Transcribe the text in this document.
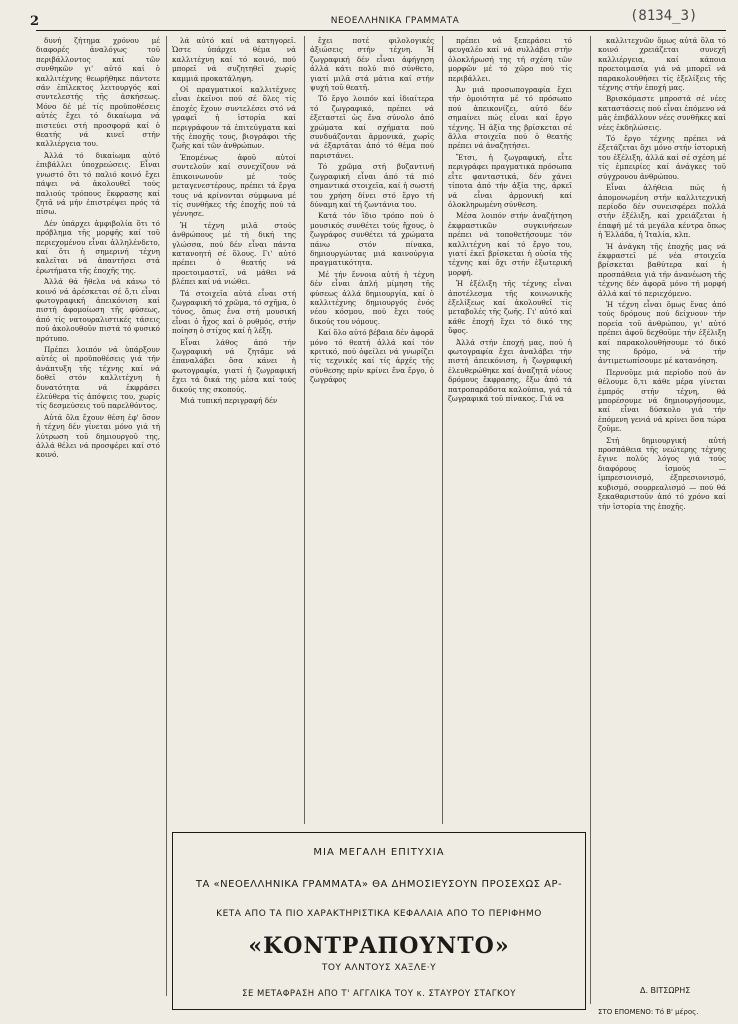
2	ΝΕΟΕΛΛΗΝΙΚΑ ΓΡΑΜΜΑΤΑ	(8134_3)

δυνή ζήτημα χρόνου μέ διαφορές ἀναλόγως τοῦ περιβάλλοντος καί τῶν συνθηκῶν γι' αὐτό καί ὁ καλλιτέχνης θεωρήθηκε πάντοτε σάν ἐπίλεκτος λειτουργός καί συντελεστής τῆς ἀσκήσεως. Μόνο δέ μέ τίς προϋποθέσεις αὐτές ἔχει τό δικαίωμα νά πιστεύει στή προσφορά καί ὁ θεατής νά κινεῖ στήν καλλιέργεια του.

Ἀλλά τό δικαίωμα αὐτό ἐπιβάλλει ὑποχρεώσεις. Εἶναι γνωστό ὅτι τό παλιό κοινό ἔχει πάψει νά ἀκολουθεῖ τούς παλιούς τρόπους ἔκφρασης καί ζητᾶ νά μήν ἐπιστρέψει πρός τά πίσω.

Δέν ὑπάρχει ἀμφιβολία ὅτι τό πρόβλημα τῆς μορφῆς καί τοῦ περιεχομένου εἶναι ἀλληλένδετο, καί ὅτι ἡ σημερινή τέχνη καλεῖται νά ἀπαντήσει στά ἐρωτήματα τῆς ἐποχῆς της.

Ἀλλά θά ἤθελα νά κάνω τό κοινό νά ἀρέσκεται σέ ὅ,τι εἶναι φωτογραφική ἀπεικόνιση καί πιστή ἀφομοίωση τῆς φύσεως, ἀπό τίς νατουραλιστικές τάσεις πού ἀκολουθοῦν πιστά τό φυσικό πρότυπο.

Πρέπει λοιπόν νά ὑπάρξουν αὐτές οἱ προϋποθέσεις γιά τήν ἀνάπτυξη τῆς τέχνης καί νά δοθεῖ στόν καλλιτέχνη ἡ δυνατότητα νά ἐκφράσει ἐλεύθερα τίς ἀπόψεις του, χωρίς τίς δεσμεύσεις τοῦ παρελθόντος.

Αὐτά ὅλα ἔχουν θέση ἐφ' ὅσον ἡ τέχνη δέν γίνεται μόνο γιά τή λύτρωση τοῦ δημιουργοῦ της, ἀλλά θέλει νά προσφέρει καί στό κοινό.

λά αὐτό καί νά κατηγορεῖ. Ὡστε ὑπάρχει θέμα νά καλλιτέχνη καί τό κοινό, πού μπορεῖ νά συζητηθεῖ χωρίς καμμιά προκατάληψη.

Οἱ πραγματικοί καλλιτέχνες εἶναι ἐκεῖνοι πού σέ ὅλες τίς ἐποχές ἔχουν συντελέσει στό νά γραφεῖ ἡ ἱστορία καί περιγράφουν τά ἐπιτεύγματα καί τῆς ἐποχῆς τους, βιογράφοι τῆς ζωῆς καί τῶν ἀνθρώπων.

Ἐπομένως ἀφοῦ αὐτοί συντελοῦν καί συνεχίζουν νά ἐπικοινωνοῦν μέ τούς μεταγενεστέρους, πρέπει τά ἔργα τους νά κρίνονται σύμφωνα μέ τίς συνθῆκες τῆς ἐποχῆς πού τά γέννησε.

Ἡ τέχνη μιλᾶ στούς ἀνθρώπους μέ τή δική της γλώσσα, πού δέν εἶναι πάντα κατανοητή σέ ὅλους. Γι' αὐτό πρέπει ὁ θεατής νά προετοιμαστεῖ, νά μάθει νά βλέπει καί νά νιώθει.

Τά στοιχεῖα αὐτά εἶναι στή ζωγραφική τό χρῶμα, τό σχῆμα, ὁ τόνος, ὅπως ἔνα στή μουσική εἶναι ὁ ἦχος καί ὁ ρυθμός, στήν ποίηση ὁ στίχος καί ἡ λέξη.

Εἶναι λάθος ἀπό τήν ζωγραφική νά ζητᾶμε νά ἐπαναλάβει ὅσα κάνει ἡ φωτογραφία, γιατί ἡ ζωγραφική ἔχει τά δικά της μέσα καί τούς δικούς της σκοπούς.

Μιά τυπική περιγραφή δέν

ἔχει ποτέ φιλολογικές ἀξιώσεις στήν τέχνη. Ἡ ζωγραφική δέν εἶναι ἀφήγηση ἀλλά κάτι πολύ πιό σύνθετο, γιατί μιλᾶ στά μάτια καί στήν ψυχή τοῦ θεατῆ.

Τό ἔργο λοιπόν καί ἰδιαίτερα τό ζωγραφικό, πρέπει νά ἐξεταστεῖ ὡς ἕνα σύνολο ἀπό χρώματα καί σχήματα πού συνδυάζονται ἁρμονικά, χωρίς νά ἐξαρτᾶται ἀπό τό θέμα πού παριστάνει.

Τό χρῶμα στή βυζαντινή ζωγραφική εἶναι ἀπό τά πιό σημαντικά στοιχεῖα, καί ἡ σωστή του χρήση δίνει στό ἔργο τή δύναμη καί τή ζωντάνια του.

Κατά τόν ἴδιο τρόπο πού ὁ μουσικός συνθέτει τούς ἤχους, ὁ ζωγράφος συνθέτει τά χρώματα πάνω στόν πίνακα, δημιουργώντας μιά καινούργια πραγματικότητα.

Μέ τήν ἔννοια αὐτή ἡ τέχνη δέν εἶναι ἁπλή μίμηση τῆς φύσεως ἀλλά δημιουργία, καί ὁ καλλιτέχνης δημιουργός ἑνός νέου κόσμου, πού ἔχει τούς δικούς του νόμους.

Καί ὅλο αὐτό βέβαια δέν ἀφορᾶ μόνο τό θεατή ἀλλά καί τόν κριτικό, πού ὀφείλει νά γνωρίζει τίς τεχνικές καί τίς ἀρχές τῆς σύνθεσης πρίν κρίνει ἕνα ἔργο, ὁ ζωγράφος

πρέπει νά ξεπεράσει τό φευγαλέο καί νά συλλάβει στήν ὁλοκλήρωσή της τή σχέση τῶν μορφῶν μέ τό χῶρο πού τίς περιβάλλει.

Ἀν μιά προσωπογραφία ἔχει τήν ὁμοιότητα μέ τό πρόσωπο πού ἀπεικονίζει, αὐτό δέν σημαίνει πώς εἶναι καί ἔργο τέχνης. Ἡ ἀξία της βρίσκεται σέ ἄλλα στοιχεῖα πού ὁ θεατής πρέπει νά ἀναζητήσει.

Ἔτσι, ἡ ζωγραφική, εἶτε περιγράφει πραγματικά πρόσωπα εἶτε φανταστικά, δέν χάνει τίποτα ἀπό τήν ἀξία της, ἀρκεῖ νά εἶναι ἁρμονική καί ὁλοκληρωμένη σύνθεση.

Μέσα λοιπόν στήν ἀναζήτηση ἐκφραστικῶν συγκινήσεων πρέπει νά τοποθετήσουμε τόν καλλιτέχνη καί τό ἔργο του, γιατί ἐκεῖ βρίσκεται ἡ οὐσία τῆς τέχνης καί ὄχι στήν ἐξωτερική μορφή.

Ἡ ἐξέλιξη τῆς τέχνης εἶναι ἀποτέλεσμα τῆς κοινωνικῆς ἐξελίξεως καί ἀκολουθεῖ τίς μεταβολές τῆς ζωῆς. Γι' αὐτό καί κάθε ἐποχή ἔχει τό δικό της ὕφος.

Ἀλλά στήν ἐποχή μας, πού ἡ φωτογραφία ἔχει ἀναλάβει τήν πιστή ἀπεικόνιση, ἡ ζωγραφική ἐλευθερώθηκε καί ἀναζητᾶ νέους δρόμους ἔκφρασης, ἔξω ἀπό τά πατροπαράδοτα καλούπια, γιά τά ζωγραφικά τοῦ πίνακος. Γιά να

καλλιτεχνῶν ὅμως αὐτά ὅλα τό κοινό χρειάζεται συνεχῆ καλλιέργεια, καί κάποια προετοιμασία γιά νά μπορεῖ νά παρακολουθήσει τίς ἐξελίξεις τῆς τέχνης στήν ἐποχή μας.

Βρισκόμαστε μπροστά σέ νέες καταστάσεις πού εἶναι ἑπόμενο νά μᾶς ἐπιβάλλουν νέες συνθῆκες καί νέες ἐκδηλώσεις.

Τό ἔργο τέχνης πρέπει νά ἐξετάζεται ὄχι μόνο στήν ἱστορική του ἐξέλιξη, ἀλλά καί σέ σχέση μέ τίς ἐμπειρίες καί ἀνάγκες τοῦ σύγχρονου ἀνθρώπου.

Εἶναι ἀλήθεια πώς ἡ ἀπομονωμένη στήν καλλιτεχνική περίοδο δέν συνεισφέρει πολλά στήν ἐξέλιξη, καί χρειάζεται ἡ ἐπαφή μέ τά μεγάλα κέντρα ὅπως ἡ Ἑλλάδα, ἡ Ἰταλία, κλπ.

Ἡ ἀνάγκη τῆς ἐποχῆς μας νά ἐκφραστεῖ μέ νέα στοιχεῖα βρίσκεται βαθύτερα καί ἡ προσπάθεια γιά τήν ἀνανέωση τῆς τέχνης δέν ἀφορᾶ μόνο τή μορφή ἀλλά καί τό περιεχόμενο.

Ἡ τέχνη εἶναι ὅμως ἕνας ἀπό τούς δρόμους πού δείχνουν τήν πορεία τοῦ ἀνθρώπου, γι' αὐτό πρέπει ἀφοῦ δεχθοῦμε τήν ἐξέλιξη καί παρακολουθήσουμε τό δικό της δρόμο, νά τήν ἀντιμετωπίσουμε μέ κατανόηση.

Περνοῦμε μιά περίοδο πού ἀν θέλουμε ὅ,τι κάθε μέρα γίνεται ἐμπρός στήν τέχνη, θά μπορέσουμε νά δημιουργήσουμε, καί εἶναι δύσκολο γιά τήν ἐπόμενη γενιά νά κρίνει ὅσα τώρα ζοῦμε.

Στή δημιουργική αὐτή προσπάθεια τῆς νεώτερης τέχνης ἔγινε πολύς λόγος γιά τούς διαφόρους ἰσμούς — ἰμπρεσιονισμό, ἐξπρεσιονισμό, κυβισμό, σουρρεαλισμό — πού θά ξεκαθαριστοῦν ἀπό τό χρόνο καί τήν ἱστορία της ἐποχῆς.

ΜΙΑ ΜΕΓΑΛΗ ΕΠΙΤΥΧΙΑ
ΤΑ «ΝΕΟΕΛΛΗΝΙΚΑ ΓΡΑΜΜΑΤΑ» ΘΑ ΔΗΜΟΣΙΕΥΣΟΥΝ ΠΡΟΣΕΧΩΣ ΑΡ-
ΚΕΤΑ ΑΠΟ ΤΑ ΠΙΟ ΧΑΡΑΚΤΗΡΙΣΤΙΚΑ ΚΕΦΑΛΑΙΑ ΑΠΟ ΤΟ ΠΕΡΙΦΗΜΟ
«ΚΟΝΤΡΑΠΟΥΝΤΟ»
ΤΟΥ ΑΛΝΤΟΥΣ ΧΑΞΛΕ·Υ
ΣΕ ΜΕΤΑΦΡΑΣΗ ΑΠΟ Τ' ΑΓΓΛΙΚΑ ΤΟΥ κ. ΣΤΑΥΡΟΥ ΣΤΑΓΚΟΥ	Δ. ΒΙΤΣΩΡΗΣ
ΣΤΟ ΕΠΟΜΕΝΟ: Τό Β' μέρος.
